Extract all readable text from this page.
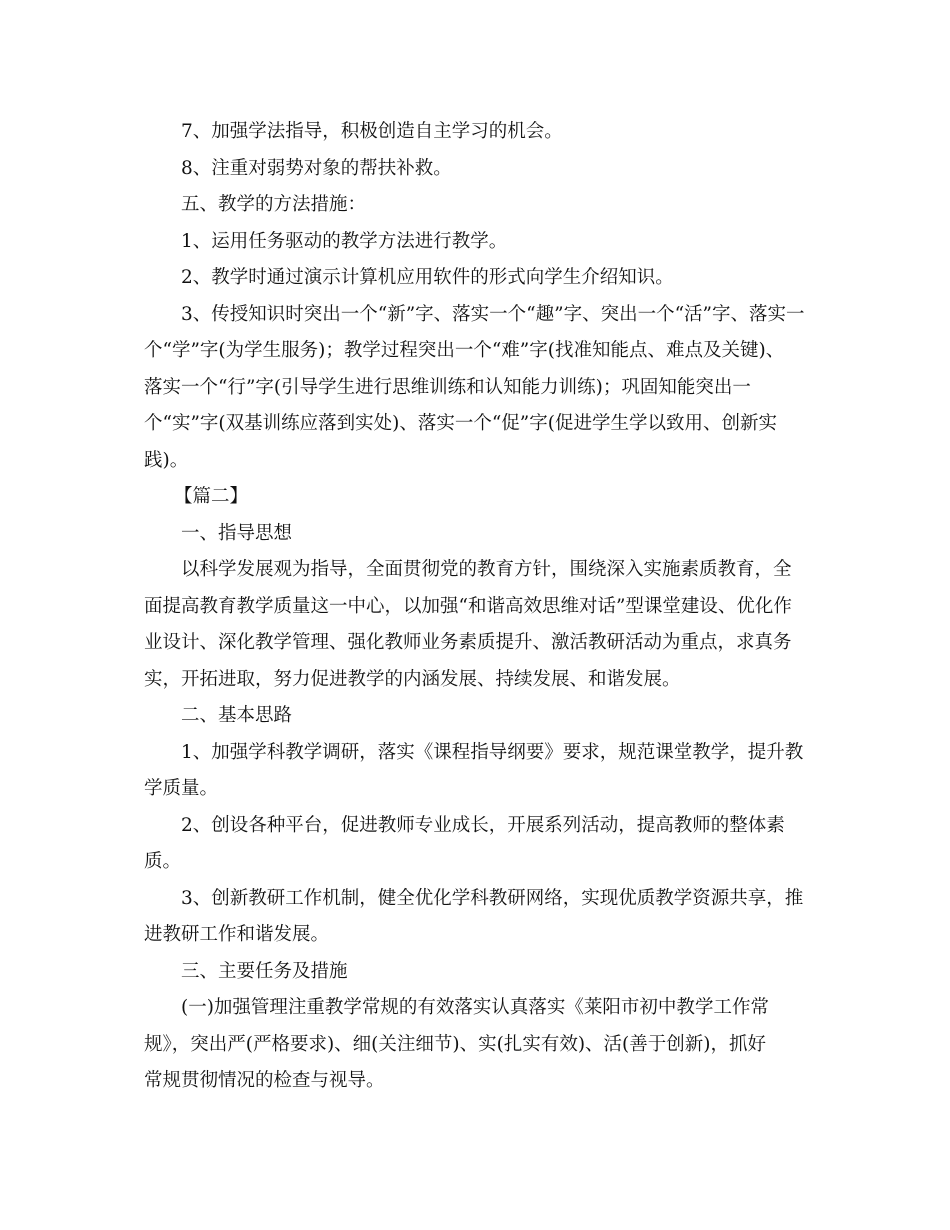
7、加强学法指导，积极创造自主学习的机会。

8、注重对弱势对象的帮扶补救。

五、教学的方法措施：

1、运用任务驱动的教学方法进行教学。

2、教学时通过演示计算机应用软件的形式向学生介绍知识。

3、传授知识时突出一个“新”字、落实一个“趣”字、突出一个“活”字、落实一
个“学”字(为学生服务)；教学过程突出一个“难”字(找准知能点、难点及关键)、
落实一个“行”字(引导学生进行思维训练和认知能力训练)；巩固知能突出一
个“实”字(双基训练应落到实处)、落实一个“促”字(促进学生学以致用、创新实
践)。

【篇二】

一、指导思想

以科学发展观为指导，全面贯彻党的教育方针，围绕深入实施素质教育，全
面提高教育教学质量这一中心，以加强“和谐高效思维对话”型课堂建设、优化作
业设计、深化教学管理、强化教师业务素质提升、激活教研活动为重点，求真务
实，开拓进取，努力促进教学的内涵发展、持续发展、和谐发展。

二、基本思路

1、加强学科教学调研，落实《课程指导纲要》要求，规范课堂教学，提升教
学质量。

2、创设各种平台，促进教师专业成长，开展系列活动，提高教师的整体素
质。

3、创新教研工作机制，健全优化学科教研网络，实现优质教学资源共享，推
进教研工作和谐发展。

三、主要任务及措施

(一)加强管理注重教学常规的有效落实认真落实《莱阳市初中教学工作常
规》，突出严(严格要求)、细(关注细节)、实(扎实有效)、活(善于创新)，抓好
常规贯彻情况的检查与视导。
